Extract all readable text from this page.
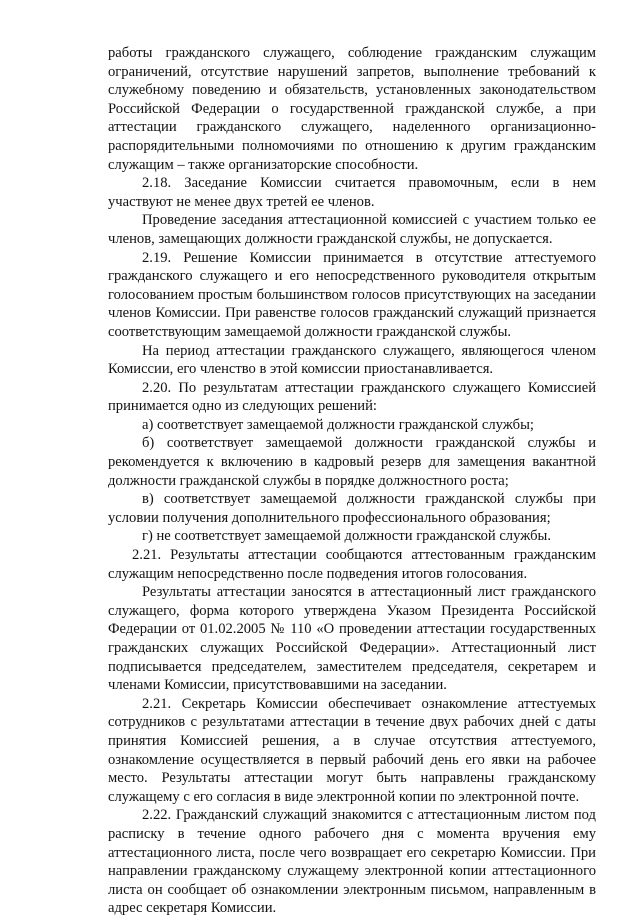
работы гражданского служащего, соблюдение гражданским служащим ограничений, отсутствие нарушений запретов, выполнение требований к служебному поведению и обязательств, установленных законодательством Российской Федерации о государственной гражданской службе, а при аттестации гражданского служащего, наделенного организационно-распорядительными полномочиями по отношению к другим гражданским служащим – также организаторские способности.

2.18. Заседание Комиссии считается правомочным, если в нем участвуют не менее двух третей ее членов.

Проведение заседания аттестационной комиссией с участием только ее членов, замещающих должности гражданской службы, не допускается.

2.19. Решение Комиссии принимается в отсутствие аттестуемого гражданского служащего и его непосредственного руководителя открытым голосованием простым большинством голосов присутствующих на заседании членов Комиссии. При равенстве голосов гражданский служащий признается соответствующим замещаемой должности гражданской службы.

На период аттестации гражданского служащего, являющегося членом Комиссии, его членство в этой комиссии приостанавливается.

2.20. По результатам аттестации гражданского служащего Комиссией принимается одно из следующих решений:

а) соответствует замещаемой должности гражданской службы;

б) соответствует замещаемой должности гражданской службы и рекомендуется к включению в кадровый резерв для замещения вакантной должности гражданской службы в порядке должностного роста;

в) соответствует замещаемой должности гражданской службы при условии получения дополнительного профессионального образования;

г) не соответствует замещаемой должности гражданской службы.

2.21. Результаты аттестации сообщаются аттестованным гражданским служащим непосредственно после подведения итогов голосования.

Результаты аттестации заносятся в аттестационный лист гражданского служащего, форма которого утверждена Указом Президента Российской Федерации от 01.02.2005 № 110 «О проведении аттестации государственных гражданских служащих Российской Федерации». Аттестационный лист подписывается председателем, заместителем председателя, секретарем и членами Комиссии, присутствовавшими на заседании.

2.21. Секретарь Комиссии обеспечивает ознакомление аттестуемых сотрудников с результатами аттестации в течение двух рабочих дней с даты принятия Комиссией решения, а в случае отсутствия аттестуемого, ознакомление осуществляется в первый рабочий день его явки на рабочее место. Результаты аттестации могут быть направлены гражданскому служащему с его согласия в виде электронной копии по электронной почте.

2.22. Гражданский служащий знакомится с аттестационным листом под расписку в течение одного рабочего дня с момента вручения ему аттестационного листа, после чего возвращает его секретарю Комиссии. При направлении гражданскому служащему электронной копии аттестационного листа он сообщает об ознакомлении электронным письмом, направленным в адрес секретаря Комиссии.
